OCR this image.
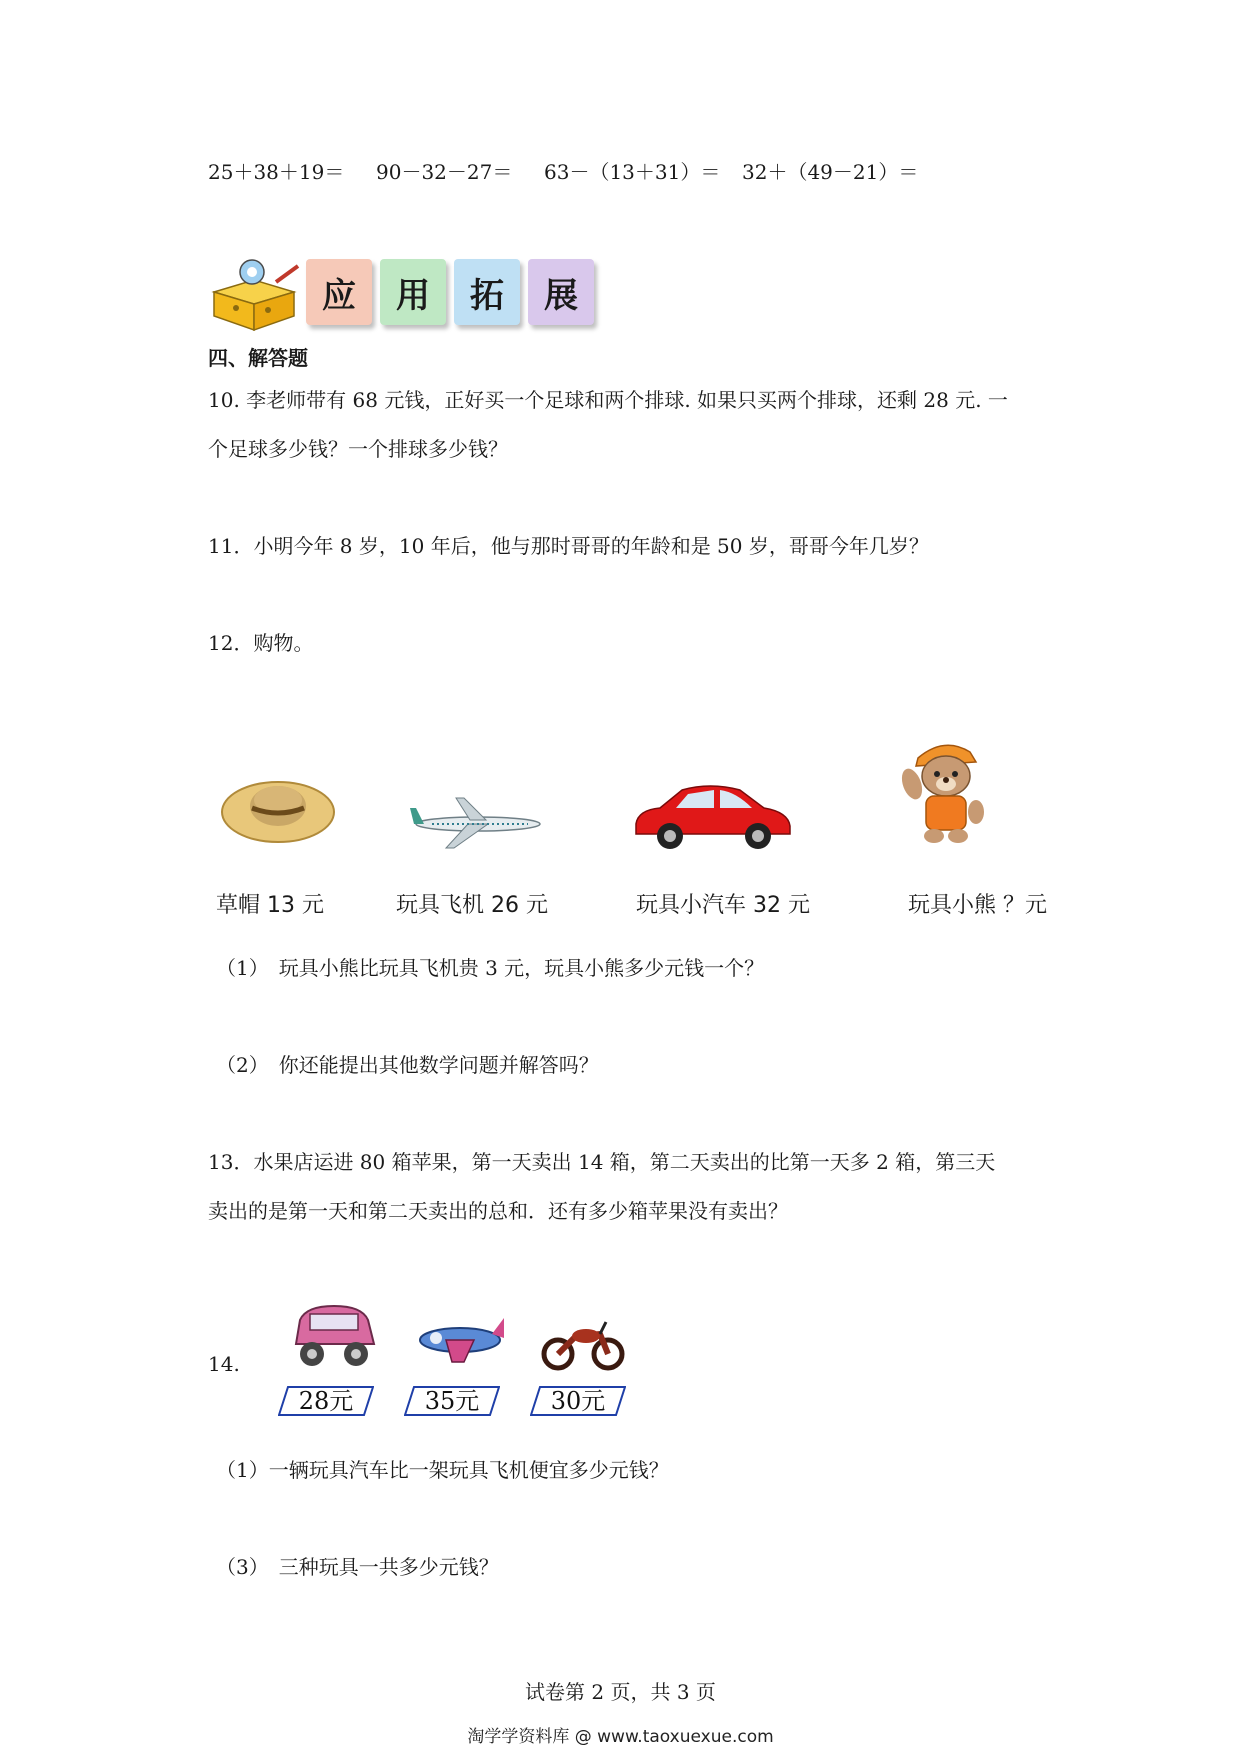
25＋38＋19＝ 90－32－27＝ 63－（13＋31）＝ 32＋（49－21）＝
应	用	拓	展
四、解答题
10. 李老师带有 68 元钱，正好买一个足球和两个排球. 如果只买两个排球，还剩 28 元. 一
个足球多少钱？一个排球多少钱？
11．小明今年 8 岁，10 年后，他与那时哥哥的年龄和是 50 岁，哥哥今年几岁？
12．购物。
草帽 13 元	玩具飞机 26 元	玩具小汽车 32 元	玩具小熊 ？元
（1）　玩具小熊比玩具飞机贵 3 元，玩具小熊多少元钱一个？
（2）　你还能提出其他数学问题并解答吗？
13．水果店运进 80 箱苹果，第一天卖出 14 箱，第二天卖出的比第一天多 2 箱，第三天
卖出的是第一天和第二天卖出的总和．还有多少箱苹果没有卖出？
14.
28元	35元	30元
（1）一辆玩具汽车比一架玩具飞机便宜多少元钱？
（3）　三种玩具一共多少元钱？
试卷第 2 页，共 3 页
淘学学资料库 @ www.taoxuexue.com
